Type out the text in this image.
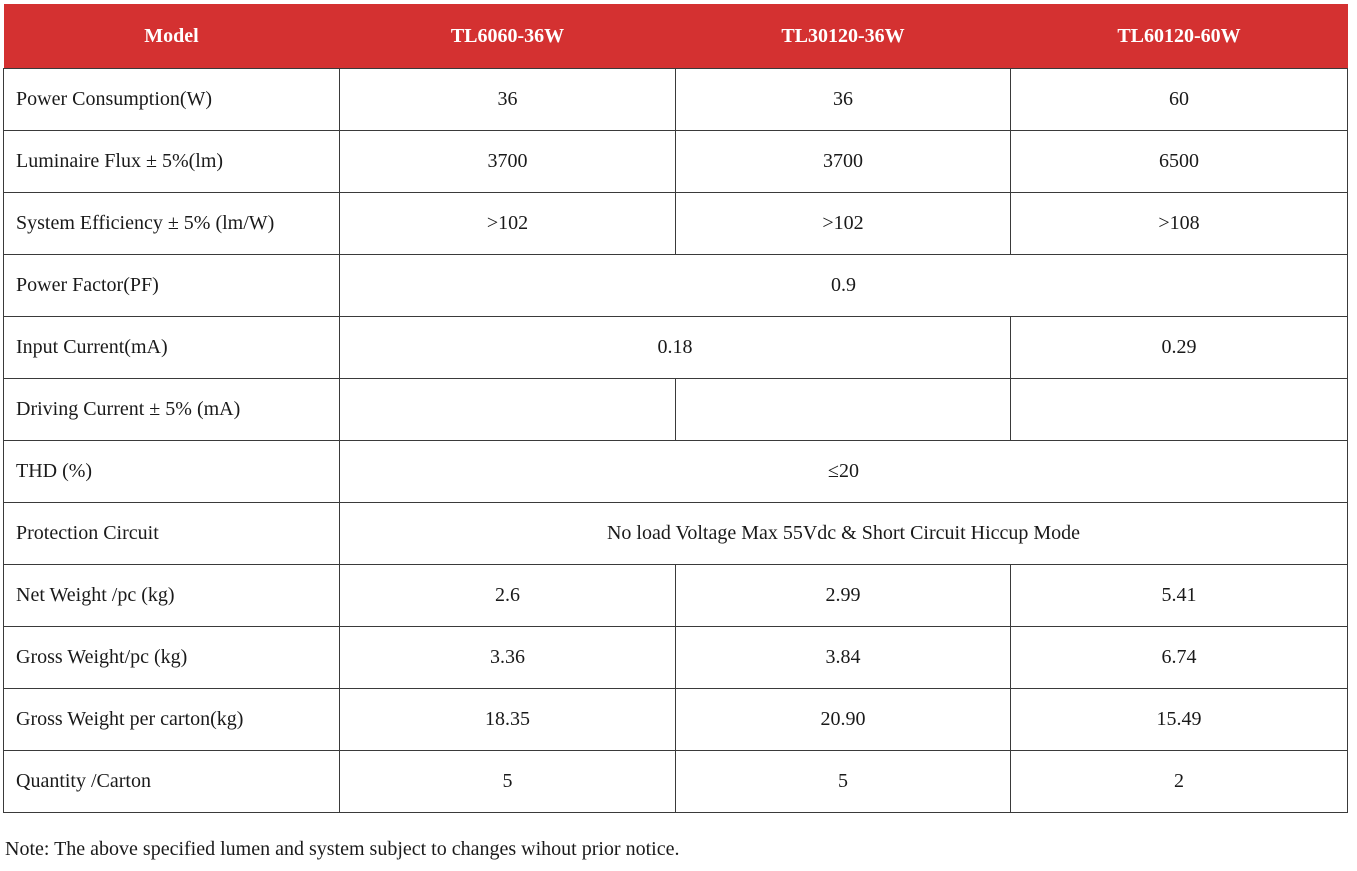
Model	TL6060-36W	TL30120-36W	TL60120-60W
Power Consumption(W)	36	36	60
Luminaire Flux ± 5%(lm)	3700	3700	6500
System Efficiency ± 5% (lm/W)	>102	>102	>108
Power Factor(PF)	0.9		
Input Current(mA)	0.18		0.29
Driving Current ± 5% (mA)			
THD (%)	≤20		
Protection Circuit	No load Voltage Max 55Vdc & Short Circuit Hiccup Mode		
Net Weight /pc (kg)	2.6	2.99	5.41
Gross Weight/pc (kg)	3.36	3.84	6.74
Gross Weight per carton(kg)	18.35	20.90	15.49
Quantity /Carton	5	5	2
Note: The above specified lumen and system subject to changes wihout prior notice.
